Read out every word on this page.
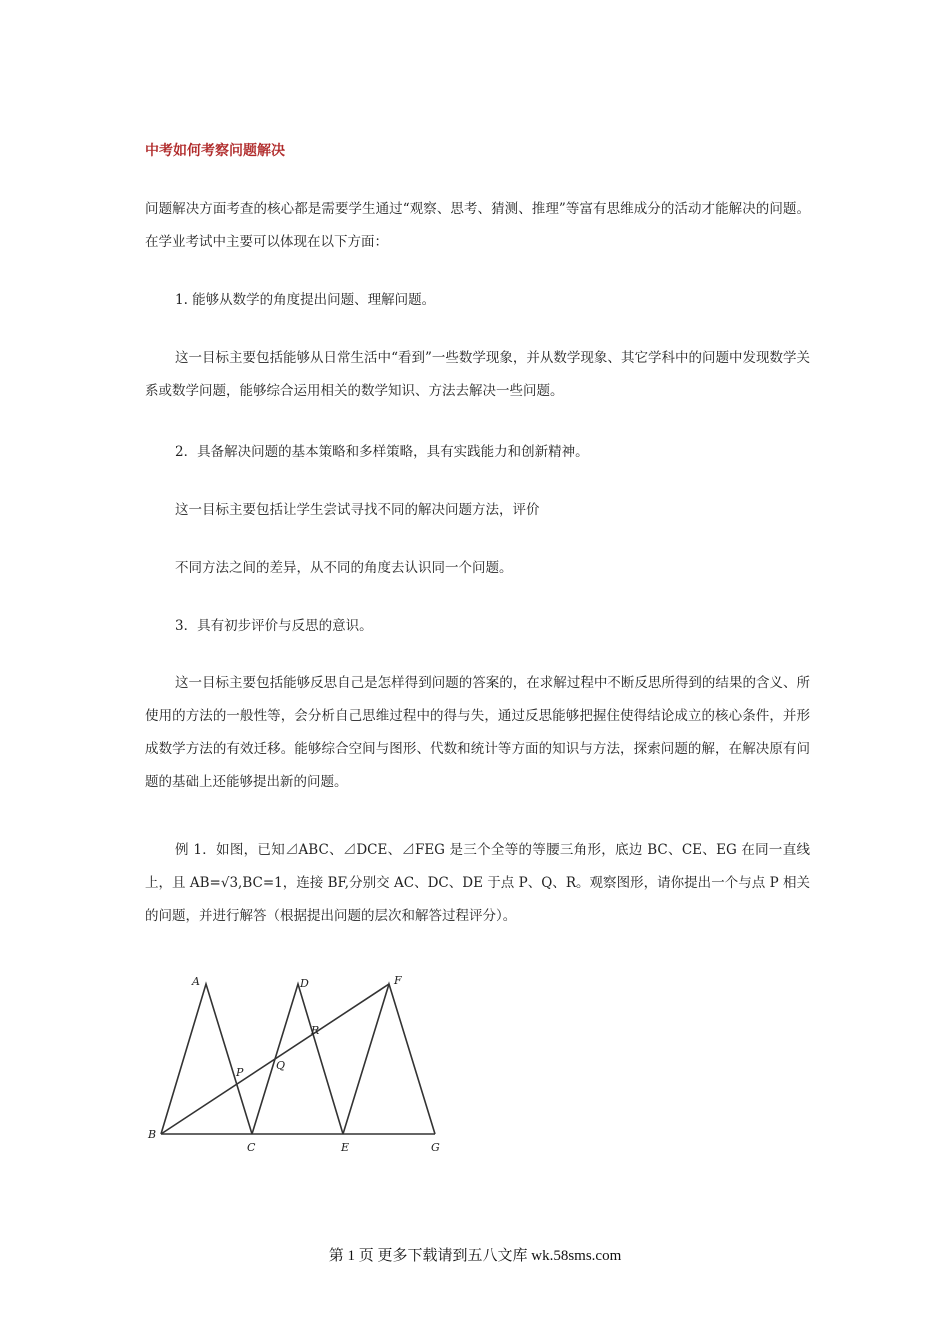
中考如何考察问题解决
问题解决方面考查的核心都是需要学生通过“观察、思考、猜测、推理”等富有思维成分的活动才能解决的问题。在学业考试中主要可以体现在以下方面：
1. 能够从数学的角度提出问题、理解问题。
这一目标主要包括能够从日常生活中“看到”一些数学现象，并从数学现象、其它学科中的问题中发现数学关系或数学问题，能够综合运用相关的数学知识、方法去解决一些问题。
2．具备解决问题的基本策略和多样策略，具有实践能力和创新精神。
这一目标主要包括让学生尝试寻找不同的解决问题方法，评价
不同方法之间的差异，从不同的角度去认识同一个问题。
3．具有初步评价与反思的意识。
这一目标主要包括能够反思自己是怎样得到问题的答案的，在求解过程中不断反思所得到的结果的含义、所使用的方法的一般性等，会分析自己思维过程中的得与失，通过反思能够把握住使得结论成立的核心条件，并形成数学方法的有效迁移。能够综合空间与图形、代数和统计等方面的知识与方法，探索问题的解，在解决原有问题的基础上还能够提出新的问题。
例 1．如图，已知⊿ABC、⊿DCE、⊿FEG 是三个全等的等腰三角形，底边 BC、CE、EG 在同一直线上，且 AB=√3,BC=1，连接 BF,分别交 AC、DC、DE 于点 P、Q、R。观察图形，请你提出一个与点 P 相关的问题，并进行解答（根据提出问题的层次和解答过程评分）。
A	D	F
R
P
Q
B
C	E	G
第 1 页 更多下载请到五八文库 wk.58sms.com
